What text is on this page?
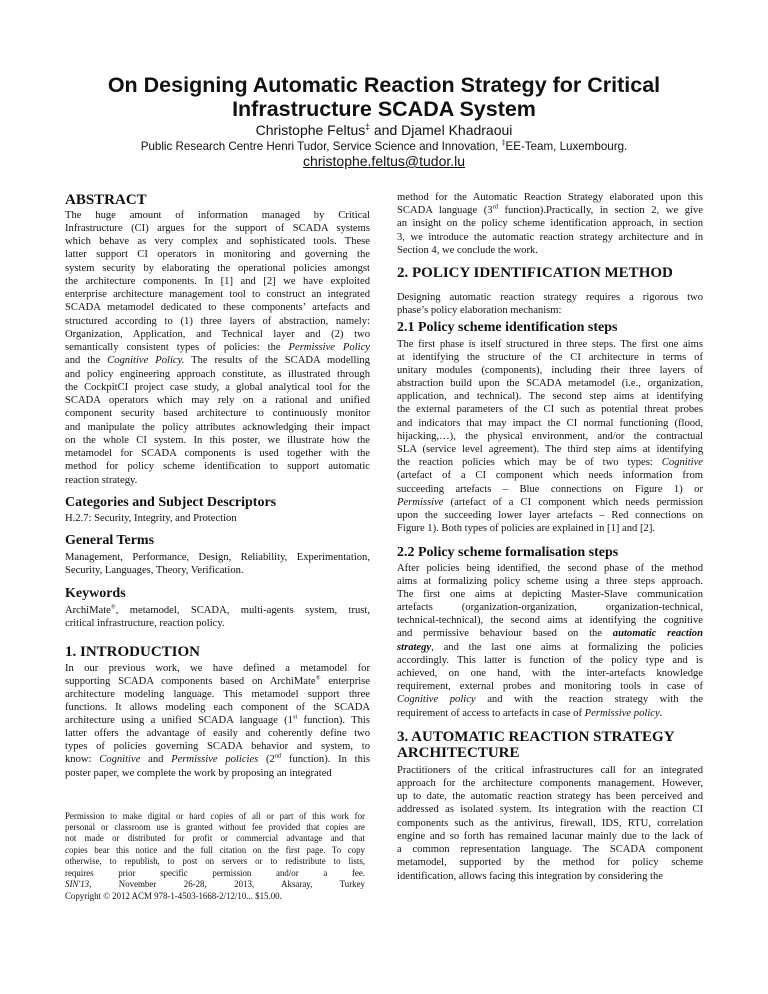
On Designing Automatic Reaction Strategy for Critical
Infrastructure SCADA System
Christophe Feltus‡ and Djamel Khadraoui
Public Research Centre Henri Tudor, Service Science and Innovation, ‡EE-Team, Luxembourg.
christophe.feltus@tudor.lu
ABSTRACT
The huge amount of information managed by Critical
Infrastructure (CI) argues for the support of SCADA systems
which behave as very complex and sophisticated tools. These
latter support CI operators in monitoring and governing the
system security by elaborating the operational policies amongst
the architecture components. In [1] and [2] we have exploited
enterprise architecture management tool to construct an integrated
SCADA metamodel dedicated to these components’ artefacts and
structured according to (1) three layers of abstraction, namely:
Organization, Application, and Technical layer and (2) two
semantically consistent types of policies: the Permissive Policy
and the Cognitive Policy. The results of the SCADA modelling
and policy engineering approach constitute, as illustrated through
the CockpitCI project case study, a global analytical tool for the
SCADA operators which may rely on a rational and unified
component security based architecture to continuously monitor
and manipulate the policy attributes acknowledging their impact
on the whole CI system. In this poster, we illustrate how the
metamodel for SCADA components is used together with the
method for policy scheme identification to support automatic
reaction strategy.
Categories and Subject Descriptors
H.2.7: Security, Integrity, and Protection
General Terms
Management, Performance, Design, Reliability, Experimentation,
Security, Languages, Theory, Verification.
Keywords
ArchiMate®, metamodel, SCADA, multi-agents system, trust,
critical infrastructure, reaction policy.
1. INTRODUCTION
In our previous work, we have defined a metamodel for
supporting SCADA components based on ArchiMate® enterprise
architecture modeling language. This metamodel support three
functions. It allows modeling each component of the SCADA
architecture using a unified SCADA language (1st function). This
latter offers the advantage of easily and coherently define two
types of policies governing SCADA behavior and system, to
know: Cognitive and Permissive policies (2nd function). In this
poster paper, we complete the work by proposing an integrated
Permission to make digital or hard copies of all or part of this work for
personal or classroom use is granted without fee provided that copies are
not made or distributed for profit or commercial advantage and that
copies bear this notice and the full citation on the first page. To copy
otherwise, to republish, to post on servers or to redistribute to lists,
requires prior specific permission and/or a fee.
SIN'13, November 26-28, 2013, Aksaray, Turkey
Copyright © 2012 ACM 978-1-4503-1668-2/12/10... $15.00.
method for the Automatic Reaction Strategy elaborated upon this
SCADA language (3rd function).Practically, in section 2, we give
an insight on the policy scheme identification approach, in section
3, we introduce the automatic reaction strategy architecture and in
Section 4, we conclude the work.
2. POLICY IDENTIFICATION METHOD
Designing automatic reaction strategy requires a rigorous two
phase’s policy elaboration mechanism:
2.1 Policy scheme identification steps
The first phase is itself structured in three steps. The first one aims
at identifying the structure of the CI architecture in terms of
unitary modules (components), including their three layers of
abstraction build upon the SCADA metamodel (i.e., organization,
application, and technical). The second step aims at identifying
the external parameters of the CI such as potential threat probes
and indicators that may impact the CI normal functioning (flood,
hijacking,…), the physical environment, and/or the contractual
SLA (service level agreement). The third step aims at identifying
the reaction policies which may be of two types: Cognitive
(artefact of a CI component which needs information from
succeeding artefacts – Blue connections on Figure 1) or
Permissive (artefact of a CI component which needs permission
upon the succeeding lower layer artefacts – Red connections on
Figure 1). Both types of policies are explained in [1] and [2].
2.2 Policy scheme formalisation steps
After policies being identified, the second phase of the method
aims at formalizing policy scheme using a three steps approach.
The first one aims at depicting Master-Slave communication
artefacts (organization-organization, organization-technical,
technical-technical), the second aims at identifying the cognitive
and permissive behaviour based on the automatic reaction
strategy, and the last one aims at formalizing the policies
accordingly. This latter is function of the policy type and is
achieved, on one hand, with the inter-artefacts knowledge
requirement, external probes and monitoring tools in case of
Cognitive policy and with the reaction strategy with the
requirement of access to artefacts in case of Permissive policy.
3. AUTOMATIC REACTION STRATEGY
ARCHITECTURE
Practitioners of the critical infrastructures call for an integrated
approach for the architecture components management. However,
up to date, the automatic reaction strategy has been perceived and
addressed as isolated system. Its integration with the reaction CI
components such as the antivirus, firewall, IDS, RTU, correlation
engine and so forth has remained lacunar mainly due to the lack of
a common representation language. The SCADA component
metamodel, supported by the method for policy scheme
identification, allows facing this integration by considering the
